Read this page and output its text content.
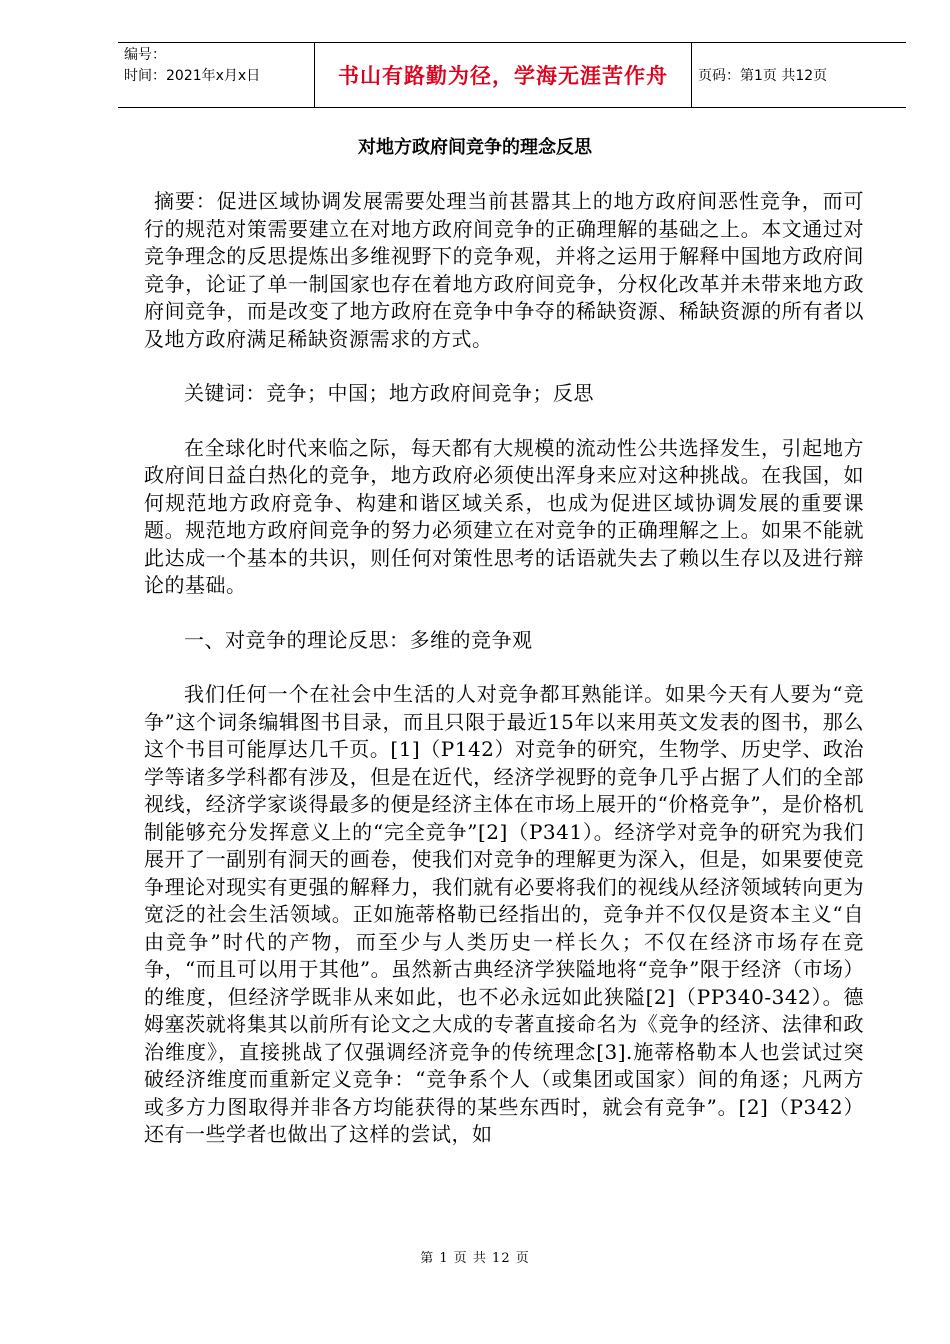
编号：
时间：2021年x月x日	书山有路勤为径，学海无涯苦作舟	页码：第1页 共12页
对地方政府间竞争的理念反思

摘要：促进区域协调发展需要处理当前甚嚣其上的地方政府间恶性竞争，而可行的规范对策需要建立在对地方政府间竞争的正确理解的基础之上。本文通过对竞争理念的反思提炼出多维视野下的竞争观，并将之运用于解释中国地方政府间竞争，论证了单一制国家也存在着地方政府间竞争，分权化改革并未带来地方政府间竞争，而是改变了地方政府在竞争中争夺的稀缺资源、稀缺资源的所有者以及地方政府满足稀缺资源需求的方式。

关键词：竞争；中国；地方政府间竞争；反思

在全球化时代来临之际，每天都有大规模的流动性公共选择发生，引起地方政府间日益白热化的竞争，地方政府必须使出浑身来应对这种挑战。在我国，如何规范地方政府竞争、构建和谐区域关系，也成为促进区域协调发展的重要课题。规范地方政府间竞争的努力必须建立在对竞争的正确理解之上。如果不能就此达成一个基本的共识，则任何对策性思考的话语就失去了赖以生存以及进行辩论的基础。

一、对竞争的理论反思：多维的竞争观

我们任何一个在社会中生活的人对竞争都耳熟能详。如果今天有人要为“竞争”这个词条编辑图书目录，而且只限于最近15年以来用英文发表的图书，那么这个书目可能厚达几千页。[1]（P142）对竞争的研究，生物学、历史学、政治学等诸多学科都有涉及，但是在近代，经济学视野的竞争几乎占据了人们的全部视线，经济学家谈得最多的便是经济主体在市场上展开的“价格竞争”，是价格机制能够充分发挥意义上的“完全竞争”[2]（P341）。经济学对竞争的研究为我们展开了一副别有洞天的画卷，使我们对竞争的理解更为深入，但是，如果要使竞争理论对现实有更强的解释力，我们就有必要将我们的视线从经济领域转向更为宽泛的社会生活领域。正如施蒂格勒已经指出的，竞争并不仅仅是资本主义“自由竞争”时代的产物，而至少与人类历史一样长久；不仅在经济市场存在竞争，“而且可以用于其他”。虽然新古典经济学狭隘地将“竞争”限于经济（市场）的维度，但经济学既非从来如此，也不必永远如此狭隘[2]（PP340-342）。德姆塞茨就将集其以前所有论文之大成的专著直接命名为《竞争的经济、法律和政治维度》，直接挑战了仅强调经济竞争的传统理念[3].施蒂格勒本人也尝试过突破经济维度而重新定义竞争：“竞争系个人（或集团或国家）间的角逐；凡两方或多方力图取得并非各方均能获得的某些东西时，就会有竞争”。[2]（P342）还有一些学者也做出了这样的尝试，如

第 1 页 共 12 页
